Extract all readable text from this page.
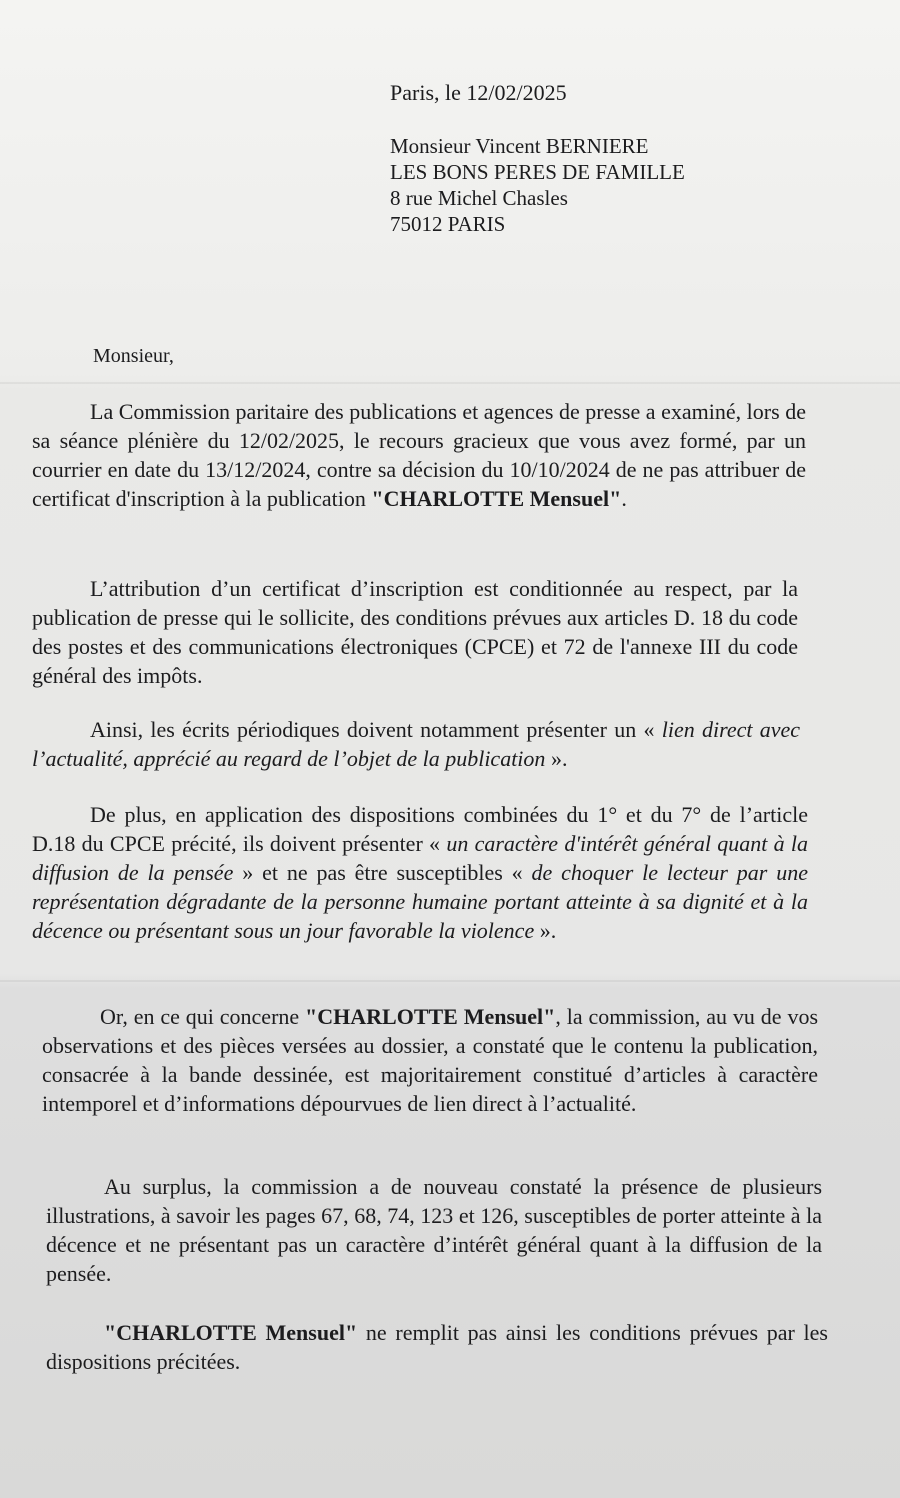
Paris, le 12/02/2025
Monsieur Vincent BERNIERE
LES BONS PERES DE FAMILLE
8 rue Michel Chasles
75012 PARIS
Monsieur,

La Commission paritaire des publications et agences de presse a examiné, lors de sa séance plénière du 12/02/2025, le recours gracieux que vous avez formé, par un courrier en date du 13/12/2024, contre sa décision du 10/10/2024 de ne pas attribuer de certificat d'inscription à la publication "CHARLOTTE Mensuel".

L’attribution d’un certificat d’inscription est conditionnée au respect, par la publication de presse qui le sollicite, des conditions prévues aux articles D. 18 du code des postes et des communications électroniques (CPCE) et 72 de l'annexe III du code général des impôts.

Ainsi, les écrits périodiques doivent notamment présenter un « lien direct avec l’actualité, apprécié au regard de l’objet de la publication ».

De plus, en application des dispositions combinées du 1° et du 7° de l’article D.18 du CPCE précité, ils doivent présenter « un caractère d'intérêt général quant à la diffusion de la pensée » et ne pas être susceptibles « de choquer le lecteur par une représentation dégradante de la personne humaine portant atteinte à sa dignité et à la décence ou présentant sous un jour favorable la violence ».

Or, en ce qui concerne "CHARLOTTE Mensuel", la commission, au vu de vos observations et des pièces versées au dossier, a constaté que le contenu la publication, consacrée à la bande dessinée, est majoritairement constitué d’articles à caractère intemporel et d’informations dépourvues de lien direct à l’actualité.

Au surplus, la commission a de nouveau constaté la présence de plusieurs illustrations, à savoir les pages 67, 68, 74, 123 et 126, susceptibles de porter atteinte à la décence et ne présentant pas un caractère d’intérêt général quant à la diffusion de la pensée.

"CHARLOTTE Mensuel" ne remplit pas ainsi les conditions prévues par les dispositions précitées.
